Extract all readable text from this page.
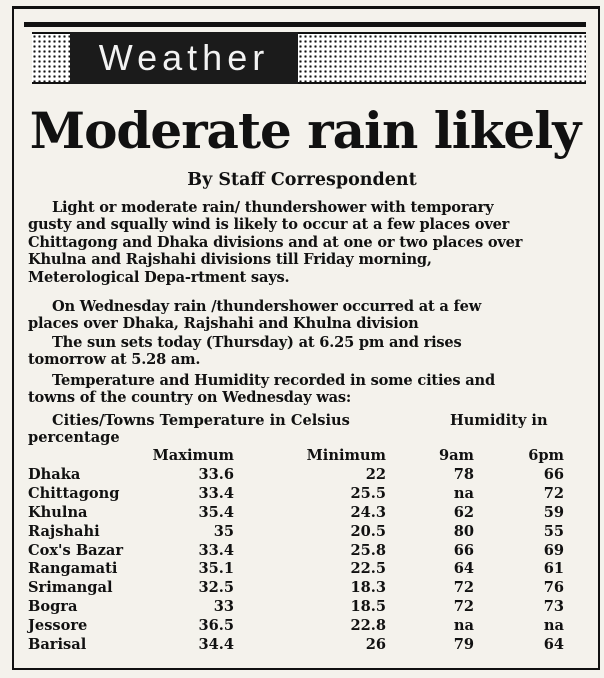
Weather
Moderate rain likely
By Staff Correspondent
Light or moderate rain/ thundershower with temporary
gusty and squally wind is likely to occur at a few places over
Chittagong and Dhaka divisions and at one or two places over
Khulna and Rajshahi divisions till Friday morning,
Meterological Depa-rtment says.
On Wednesday rain /thundershower occurred at a few
places over Dhaka, Rajshahi and Khulna division
The sun sets today (Thursday) at 6.25 pm and rises
tomorrow at 5.28 am.
Temperature and Humidity recorded in some cities and
towns of the country on Wednesday was:
Cities/Towns Temperature in Celsius	Humidity in
percentage
	Maximum	Minimum	9am	6pm
Dhaka	33.6	22	78	66
Chittagong	33.4	25.5	na	72
Khulna	35.4	24.3	62	59
Rajshahi	35	20.5	80	55
Cox's Bazar	33.4	25.8	66	69
Rangamati	35.1	22.5	64	61
Srimangal	32.5	18.3	72	76
Bogra	33	18.5	72	73
Jessore	36.5	22.8	na	na
Barisal	34.4	26	79	64
